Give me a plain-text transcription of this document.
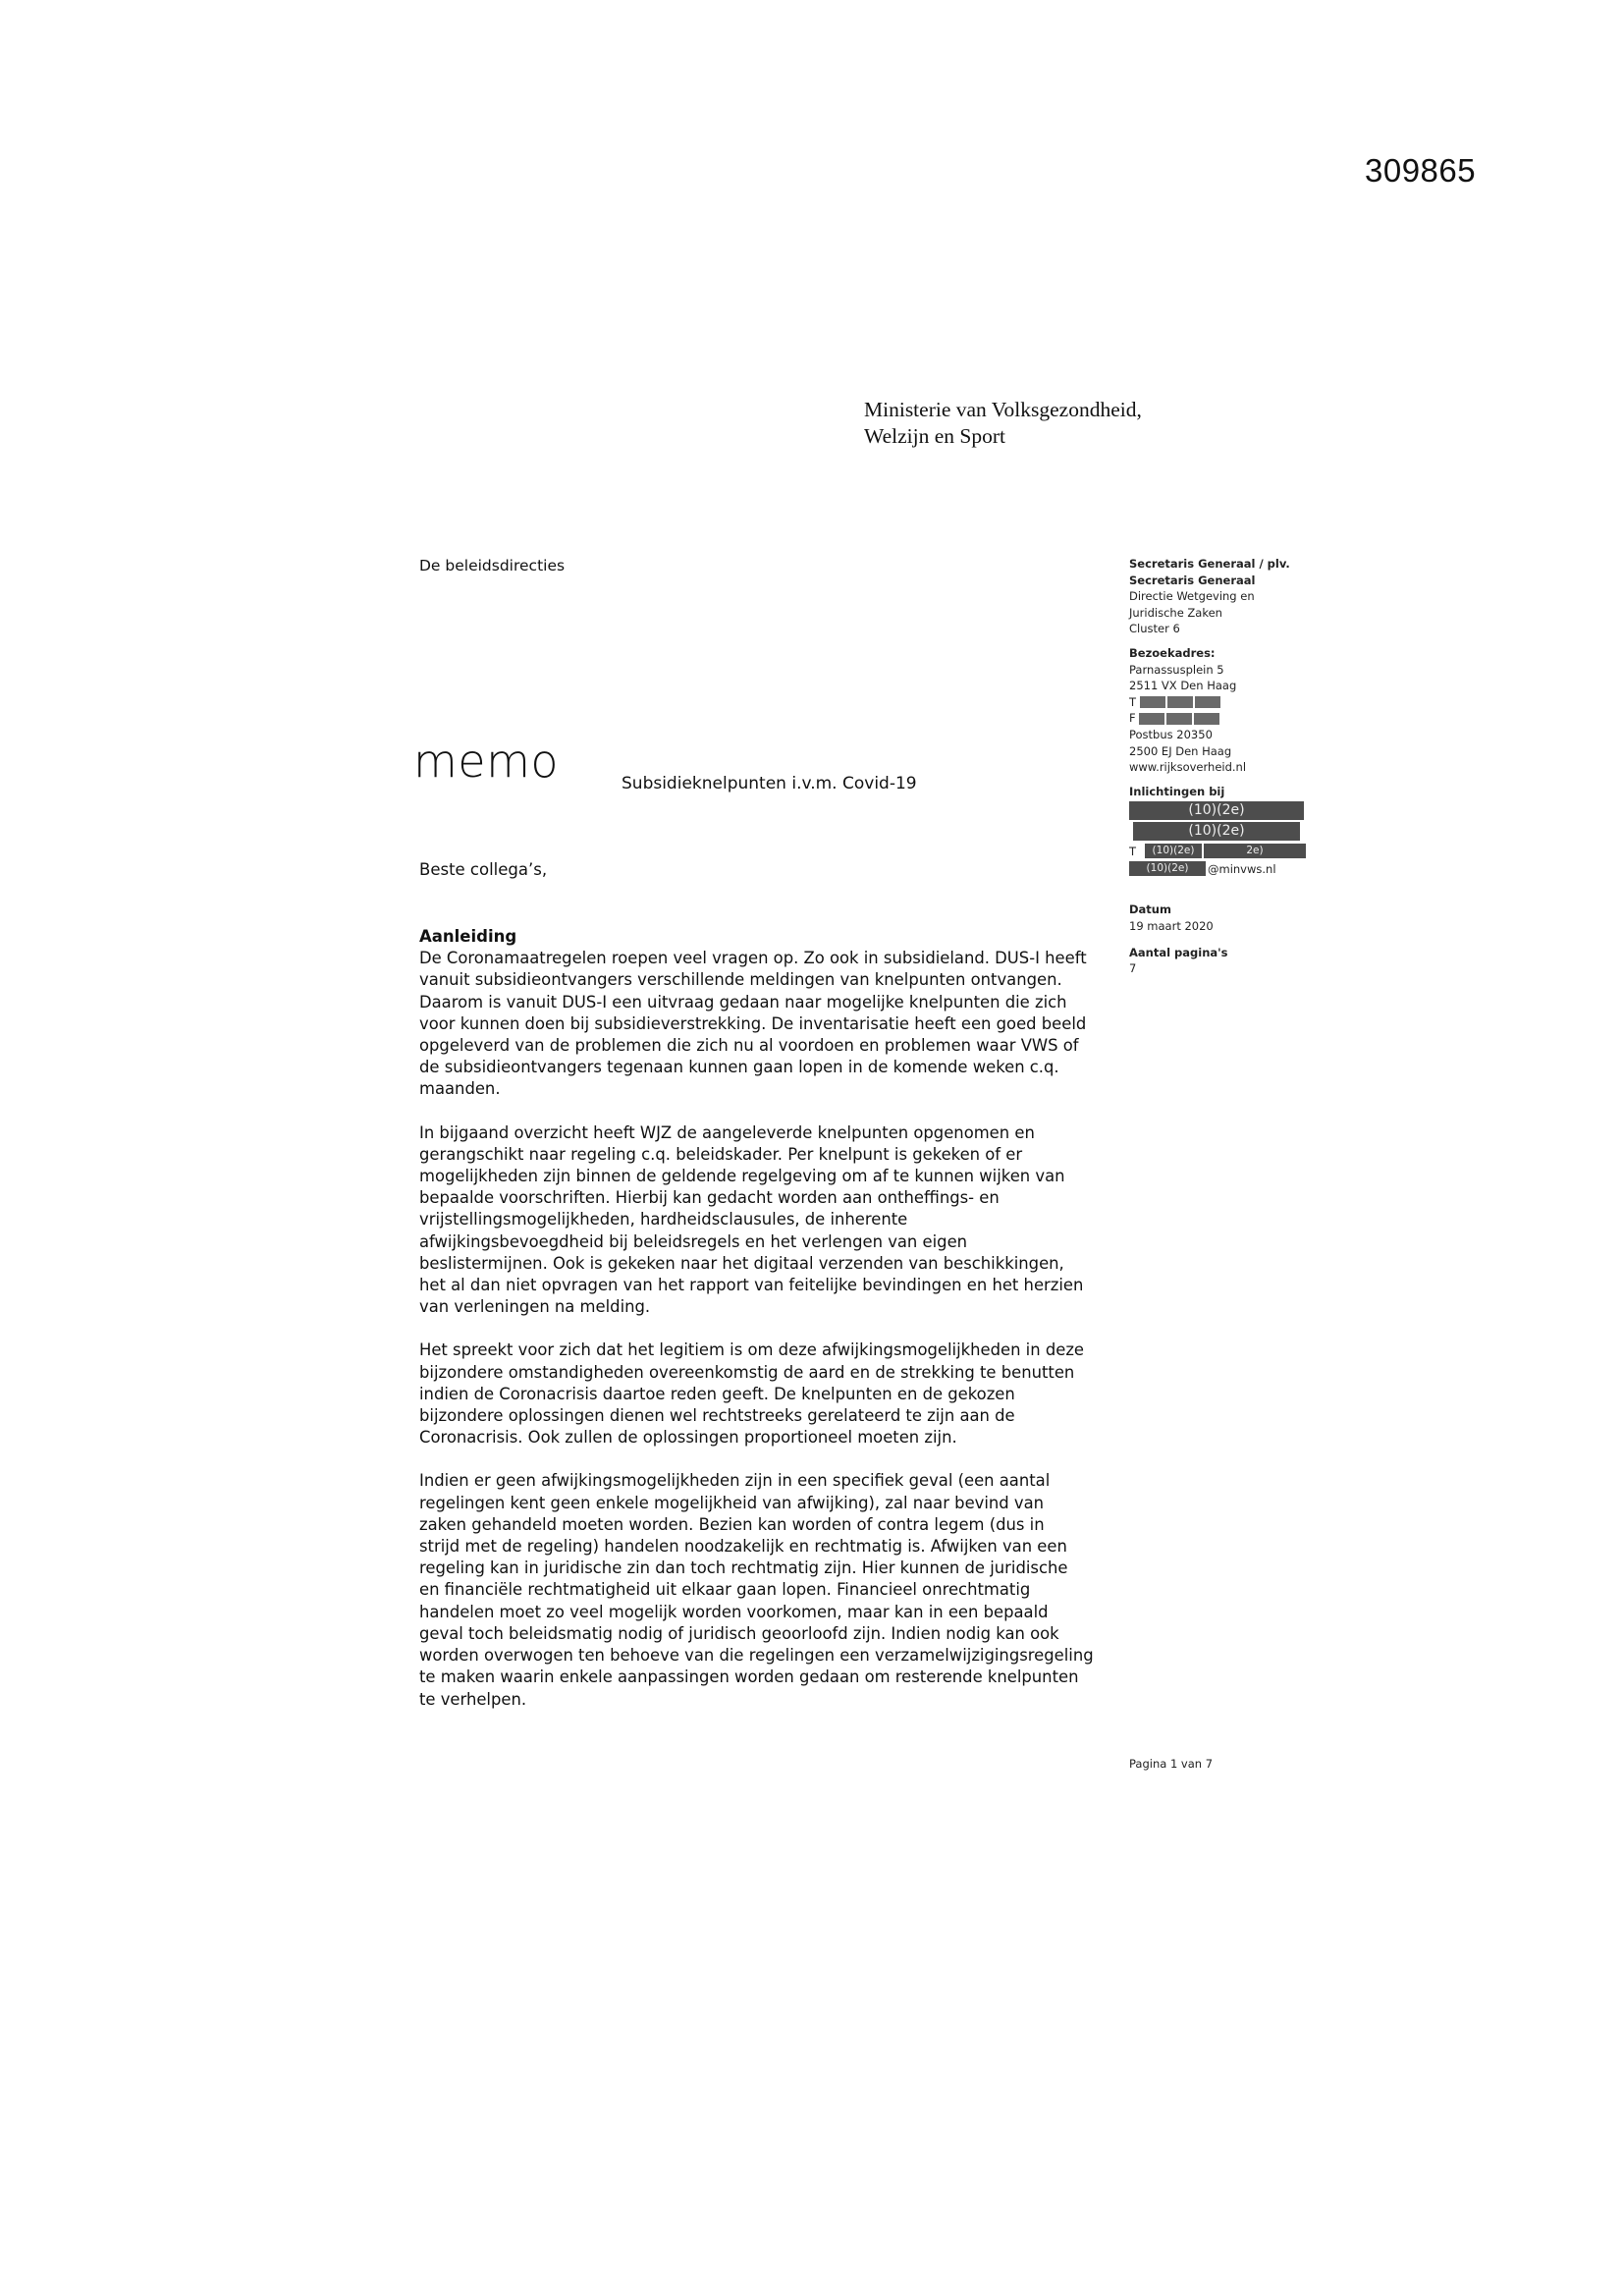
309865
Ministerie van Volksgezondheid,
Welzijn en Sport
De beleidsdirecties
memo	Subsidieknelpunten i.v.m. Covid-19
Beste collega’s,
Aanleiding
De Coronamaatregelen roepen veel vragen op. Zo ook in subsidieland. DUS-I heeft
vanuit subsidieontvangers verschillende meldingen van knelpunten ontvangen.
Daarom is vanuit DUS-I een uitvraag gedaan naar mogelijke knelpunten die zich
voor kunnen doen bij subsidieverstrekking. De inventarisatie heeft een goed beeld
opgeleverd van de problemen die zich nu al voordoen en problemen waar VWS of
de subsidieontvangers tegenaan kunnen gaan lopen in de komende weken c.q.
maanden.
In bijgaand overzicht heeft WJZ de aangeleverde knelpunten opgenomen en
gerangschikt naar regeling c.q. beleidskader. Per knelpunt is gekeken of er
mogelijkheden zijn binnen de geldende regelgeving om af te kunnen wijken van
bepaalde voorschriften. Hierbij kan gedacht worden aan ontheffings- en
vrijstellingsmogelijkheden, hardheidsclausules, de inherente
afwijkingsbevoegdheid bij beleidsregels en het verlengen van eigen
beslistermijnen. Ook is gekeken naar het digitaal verzenden van beschikkingen,
het al dan niet opvragen van het rapport van feitelijke bevindingen en het herzien
van verleningen na melding.
Het spreekt voor zich dat het legitiem is om deze afwijkingsmogelijkheden in deze
bijzondere omstandigheden overeenkomstig de aard en de strekking te benutten
indien de Coronacrisis daartoe reden geeft. De knelpunten en de gekozen
bijzondere oplossingen dienen wel rechtstreeks gerelateerd te zijn aan de
Coronacrisis. Ook zullen de oplossingen proportioneel moeten zijn.
Indien er geen afwijkingsmogelijkheden zijn in een specifiek geval (een aantal
regelingen kent geen enkele mogelijkheid van afwijking), zal naar bevind van
zaken gehandeld moeten worden. Bezien kan worden of contra legem (dus in
strijd met de regeling) handelen noodzakelijk en rechtmatig is. Afwijken van een
regeling kan in juridische zin dan toch rechtmatig zijn. Hier kunnen de juridische
en financiële rechtmatigheid uit elkaar gaan lopen. Financieel onrechtmatig
handelen moet zo veel mogelijk worden voorkomen, maar kan in een bepaald
geval toch beleidsmatig nodig of juridisch geoorloofd zijn. Indien nodig kan ook
worden overwogen ten behoeve van die regelingen een verzamelwijzigingsregeling
te maken waarin enkele aanpassingen worden gedaan om resterende knelpunten
te verhelpen.
Secretaris Generaal / plv.
Secretaris Generaal
Directie Wetgeving en
Juridische Zaken
Cluster 6
Bezoekadres:
Parnassusplein 5
2511 VX Den Haag
T
F
Postbus 20350
2500 EJ Den Haag
www.rijksoverheid.nl
Inlichtingen bij
(10)(2e)
(10)(2e)
T	(10)(2e)	2e)
(10)(2e)	@minvws.nl
Datum
19 maart 2020
Aantal pagina's
7
Pagina 1 van 7
